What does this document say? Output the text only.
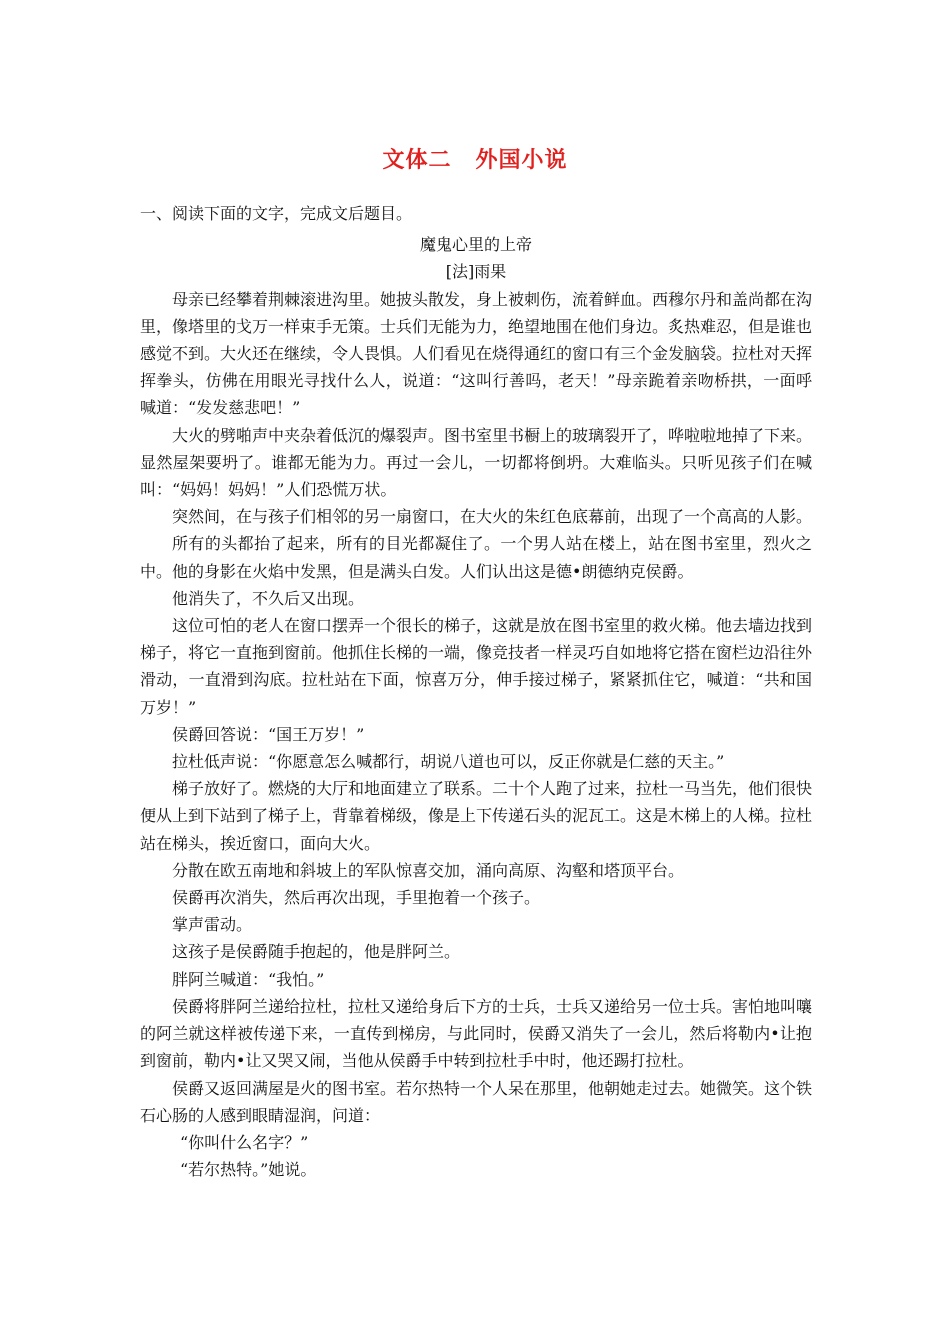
文体二 外国小说

一、阅读下面的文字，完成文后题目。

魔鬼心里的上帝

[法]雨果

母亲已经攀着荆棘滚进沟里。她披头散发，身上被刺伤，流着鲜血。西穆尔丹和盖尚都在沟里，像塔里的戈万一样束手无策。士兵们无能为力，绝望地围在他们身边。炙热难忍，但是谁也感觉不到。大火还在继续，令人畏惧。人们看见在烧得通红的窗口有三个金发脑袋。拉杜对天挥挥拳头，仿佛在用眼光寻找什么人，说道：“这叫行善吗，老天！”母亲跪着亲吻桥拱，一面呼喊道：“发发慈悲吧！”

大火的劈啪声中夹杂着低沉的爆裂声。图书室里书橱上的玻璃裂开了，哗啦啦地掉了下来。显然屋架要坍了。谁都无能为力。再过一会儿，一切都将倒坍。大难临头。只听见孩子们在喊叫：“妈妈！妈妈！”人们恐慌万状。

突然间，在与孩子们相邻的另一扇窗口，在大火的朱红色底幕前，出现了一个高高的人影。

所有的头都抬了起来，所有的目光都凝住了。一个男人站在楼上，站在图书室里，烈火之中。他的身影在火焰中发黑，但是满头白发。人们认出这是德•朗德纳克侯爵。

他消失了，不久后又出现。

这位可怕的老人在窗口摆弄一个很长的梯子，这就是放在图书室里的救火梯。他去墙边找到梯子，将它一直拖到窗前。他抓住长梯的一端，像竞技者一样灵巧自如地将它搭在窗栏边沿往外滑动，一直滑到沟底。拉杜站在下面，惊喜万分，伸手接过梯子，紧紧抓住它，喊道：“共和国万岁！”

侯爵回答说：“国王万岁！”

拉杜低声说：“你愿意怎么喊都行，胡说八道也可以，反正你就是仁慈的天主。”

梯子放好了。燃烧的大厅和地面建立了联系。二十个人跑了过来，拉杜一马当先，他们很快便从上到下站到了梯子上，背靠着梯级，像是上下传递石头的泥瓦工。这是木梯上的人梯。拉杜站在梯头，挨近窗口，面向大火。

分散在欧五南地和斜坡上的军队惊喜交加，涌向高原、沟壑和塔顶平台。

侯爵再次消失，然后再次出现，手里抱着一个孩子。

掌声雷动。

这孩子是侯爵随手抱起的，他是胖阿兰。

胖阿兰喊道：“我怕。”

侯爵将胖阿兰递给拉杜，拉杜又递给身后下方的士兵，士兵又递给另一位士兵。害怕地叫嚷的阿兰就这样被传递下来，一直传到梯房，与此同时，侯爵又消失了一会儿，然后将勒内•让抱到窗前，勒内•让又哭又闹，当他从侯爵手中转到拉杜手中时，他还踢打拉杜。

侯爵又返回满屋是火的图书室。若尔热特一个人呆在那里，他朝她走过去。她微笑。这个铁石心肠的人感到眼睛湿润，问道：

“你叫什么名字？”

“若尔热特。”她说。
